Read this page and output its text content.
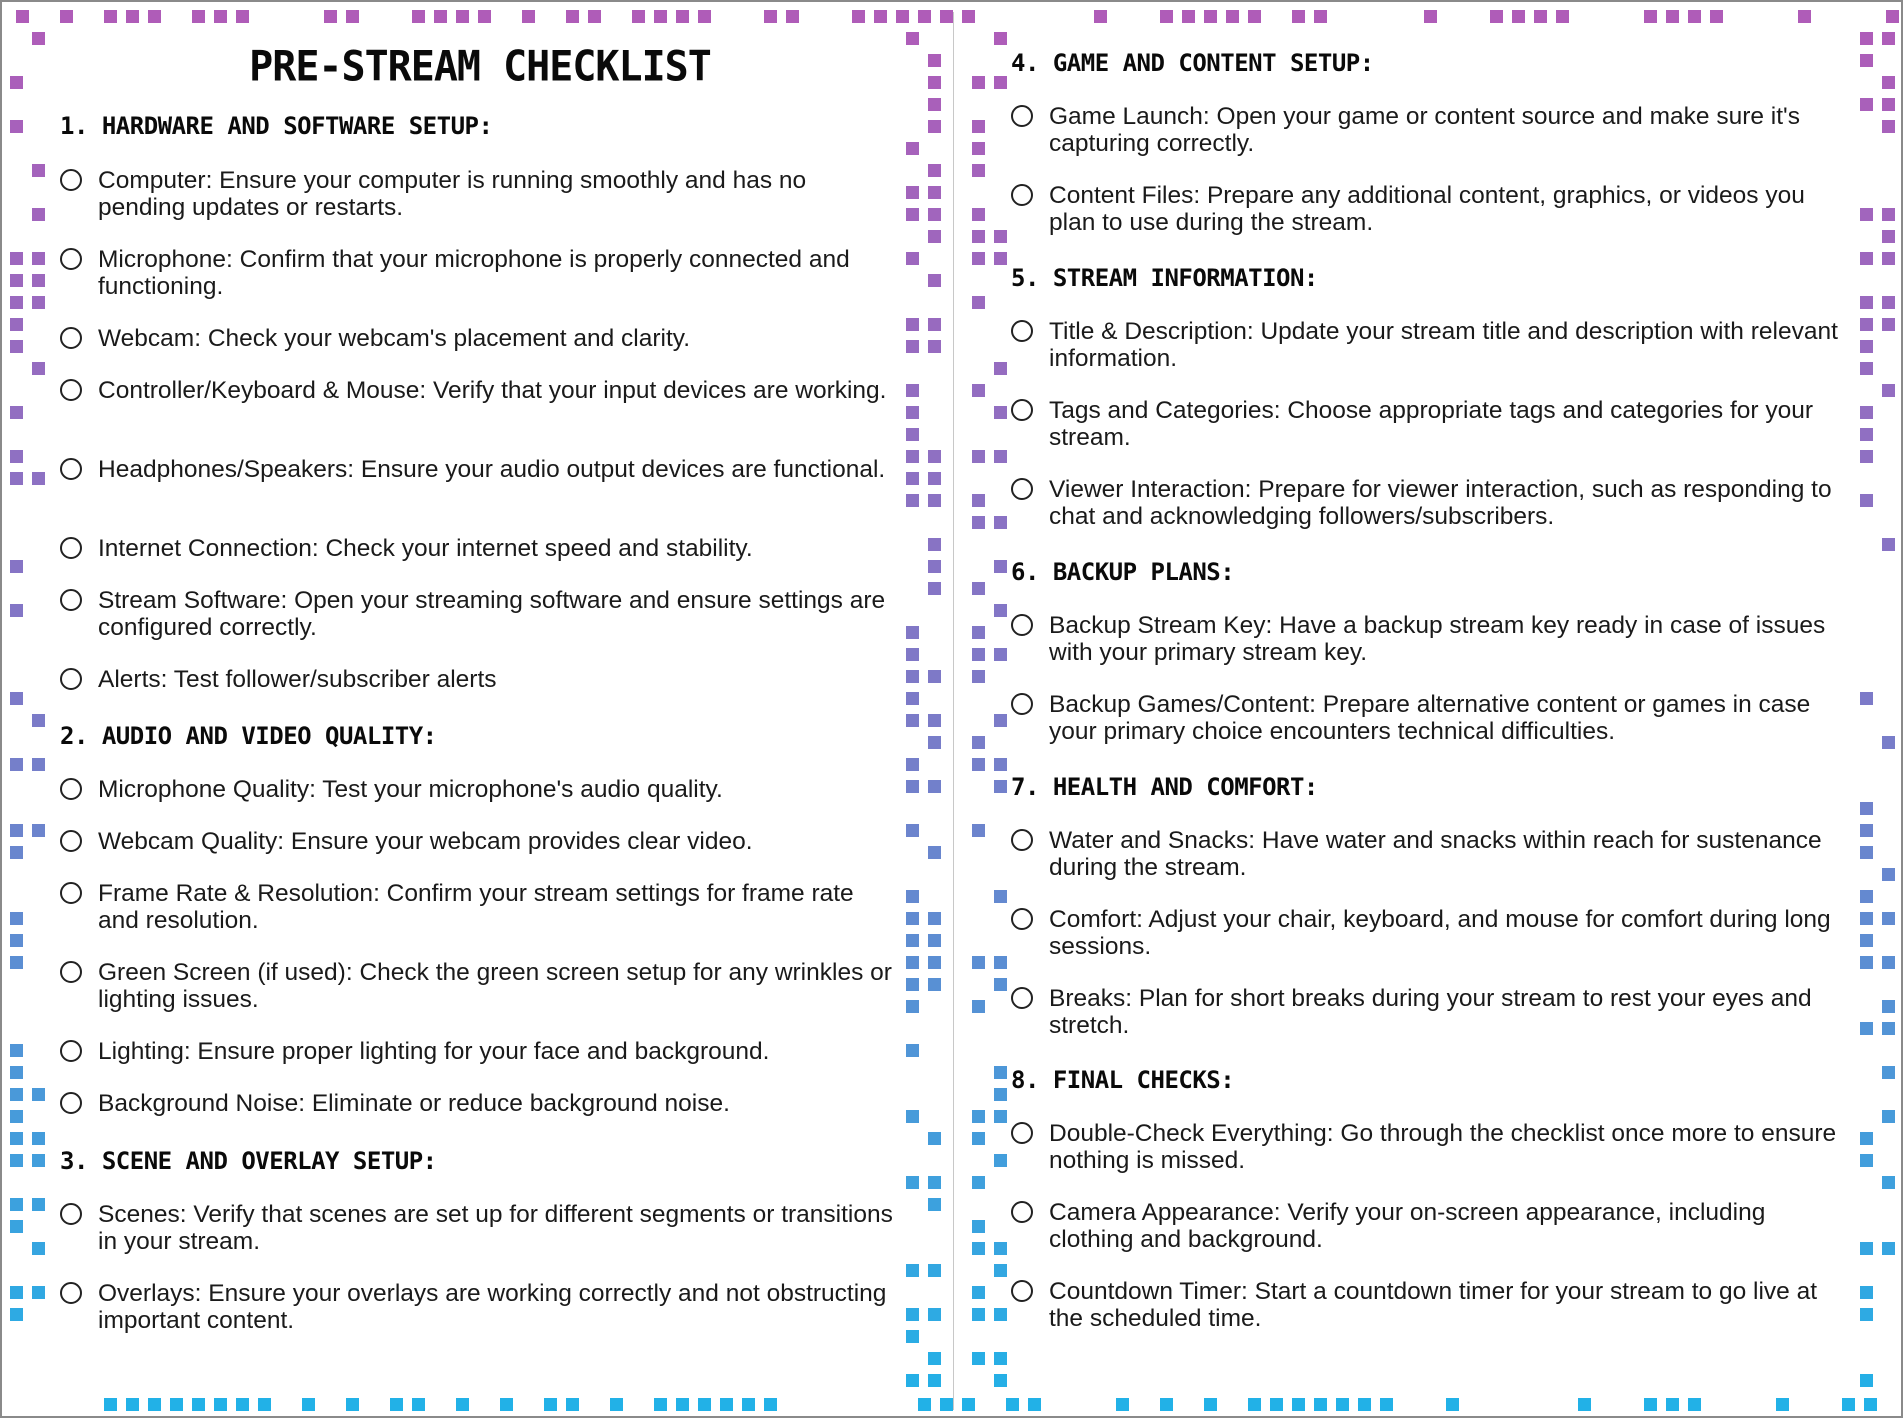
PRE-STREAM CHECKLIST
1. HARDWARE AND SOFTWARE SETUP:
Computer: Ensure your computer is running smoothly and has no pending updates or restarts.
Microphone: Confirm that your microphone is properly connected and functioning.
Webcam: Check your webcam's placement and clarity.
Controller/Keyboard & Mouse: Verify that your input devices are working.
Headphones/Speakers: Ensure your audio output devices are functional.
Internet Connection: Check your internet speed and stability.
Stream Software: Open your streaming software and ensure settings are configured correctly.
Alerts: Test follower/subscriber alerts
2. AUDIO AND VIDEO QUALITY:
Microphone Quality: Test your microphone's audio quality.
Webcam Quality: Ensure your webcam provides clear video.
Frame Rate & Resolution: Confirm your stream settings for frame rate and resolution.
Green Screen (if used): Check the green screen setup for any wrinkles or lighting issues.
Lighting: Ensure proper lighting for your face and background.
Background Noise: Eliminate or reduce background noise.
3. SCENE AND OVERLAY SETUP:
Scenes: Verify that scenes are set up for different segments or transitions in your stream.
Overlays: Ensure your overlays are working correctly and not obstructing important content.
4. GAME AND CONTENT SETUP:
Game Launch: Open your game or content source and make sure it's capturing correctly.
Content Files: Prepare any additional content, graphics, or videos you plan to use during the stream.
5. STREAM INFORMATION:
Title & Description: Update your stream title and description with relevant information.
Tags and Categories: Choose appropriate tags and categories for your stream.
Viewer Interaction: Prepare for viewer interaction, such as responding to chat and acknowledging followers/subscribers.
6. BACKUP PLANS:
Backup Stream Key: Have a backup stream key ready in case of issues with your primary stream key.
Backup Games/Content: Prepare alternative content or games in case your primary choice encounters technical difficulties.
7. HEALTH AND COMFORT:
Water and Snacks: Have water and snacks within reach for sustenance during the stream.
Comfort: Adjust your chair, keyboard, and mouse for comfort during long sessions.
Breaks: Plan for short breaks during your stream to rest your eyes and stretch.
8. FINAL CHECKS:
Double-Check Everything: Go through the checklist once more to ensure nothing is missed.
Camera Appearance: Verify your on-screen appearance, including clothing and background.
Countdown Timer: Start a countdown timer for your stream to go live at the scheduled time.
